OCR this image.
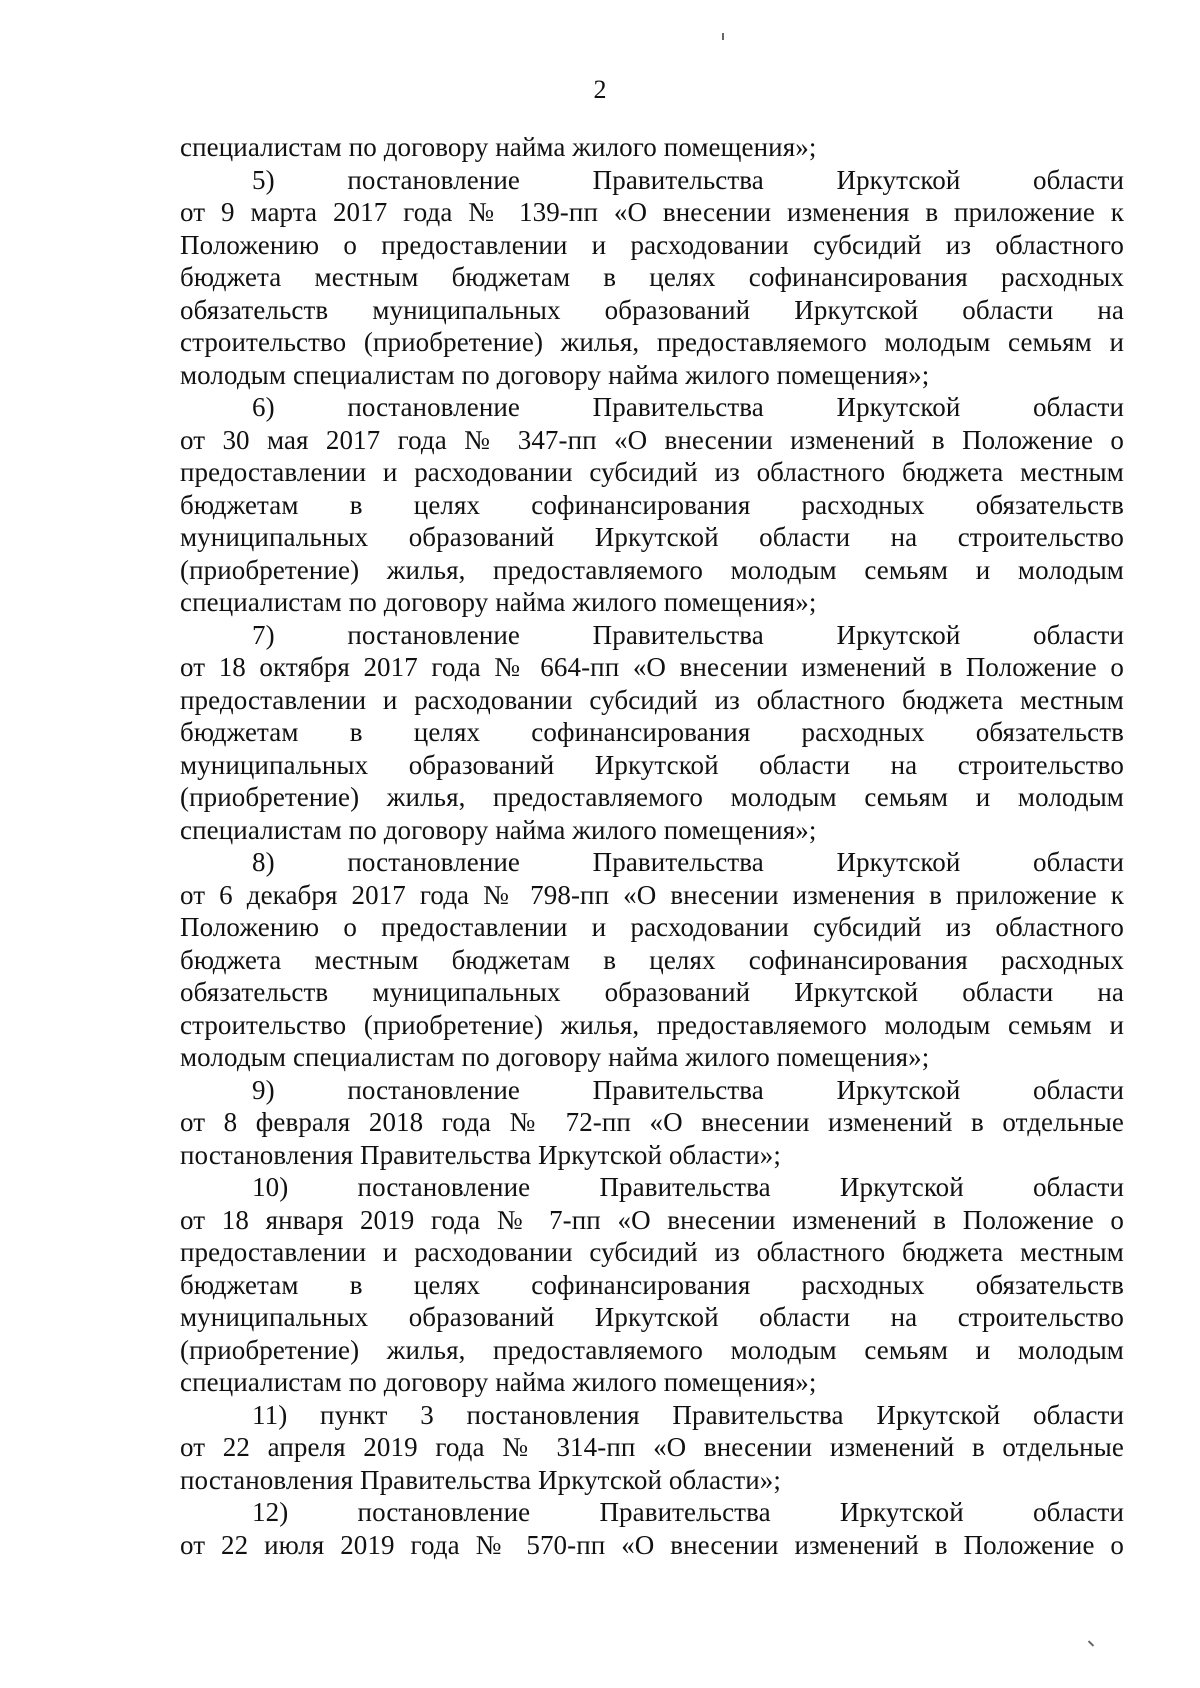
2
специалистам по договору найма жилого помещения»;
5) постановление Правительства Иркутской области
от 9 марта 2017 года № 139-пп «О внесении изменения в приложение к
Положению о предоставлении и расходовании субсидий из областного
бюджета местным бюджетам в целях софинансирования расходных
обязательств муниципальных образований Иркутской области на
строительство (приобретение) жилья, предоставляемого молодым семьям и
молодым специалистам по договору найма жилого помещения»;
6) постановление Правительства Иркутской области
от 30 мая 2017 года № 347-пп «О внесении изменений в Положение о
предоставлении и расходовании субсидий из областного бюджета местным
бюджетам в целях софинансирования расходных обязательств
муниципальных образований Иркутской области на строительство
(приобретение) жилья, предоставляемого молодым семьям и молодым
специалистам по договору найма жилого помещения»;
7) постановление Правительства Иркутской области
от 18 октября 2017 года № 664-пп «О внесении изменений в Положение о
предоставлении и расходовании субсидий из областного бюджета местным
бюджетам в целях софинансирования расходных обязательств
муниципальных образований Иркутской области на строительство
(приобретение) жилья, предоставляемого молодым семьям и молодым
специалистам по договору найма жилого помещения»;
8) постановление Правительства Иркутской области
от 6 декабря 2017 года № 798-пп «О внесении изменения в приложение к
Положению о предоставлении и расходовании субсидий из областного
бюджета местным бюджетам в целях софинансирования расходных
обязательств муниципальных образований Иркутской области на
строительство (приобретение) жилья, предоставляемого молодым семьям и
молодым специалистам по договору найма жилого помещения»;
9) постановление Правительства Иркутской области
от 8 февраля 2018 года № 72-пп «О внесении изменений в отдельные
постановления Правительства Иркутской области»;
10) постановление Правительства Иркутской области
от 18 января 2019 года № 7-пп «О внесении изменений в Положение о
предоставлении и расходовании субсидий из областного бюджета местным
бюджетам в целях софинансирования расходных обязательств
муниципальных образований Иркутской области на строительство
(приобретение) жилья, предоставляемого молодым семьям и молодым
специалистам по договору найма жилого помещения»;
11) пункт 3 постановления Правительства Иркутской области
от 22 апреля 2019 года № 314-пп «О внесении изменений в отдельные
постановления Правительства Иркутской области»;
12) постановление Правительства Иркутской области
от 22 июля 2019 года № 570-пп «О внесении изменений в Положение о
